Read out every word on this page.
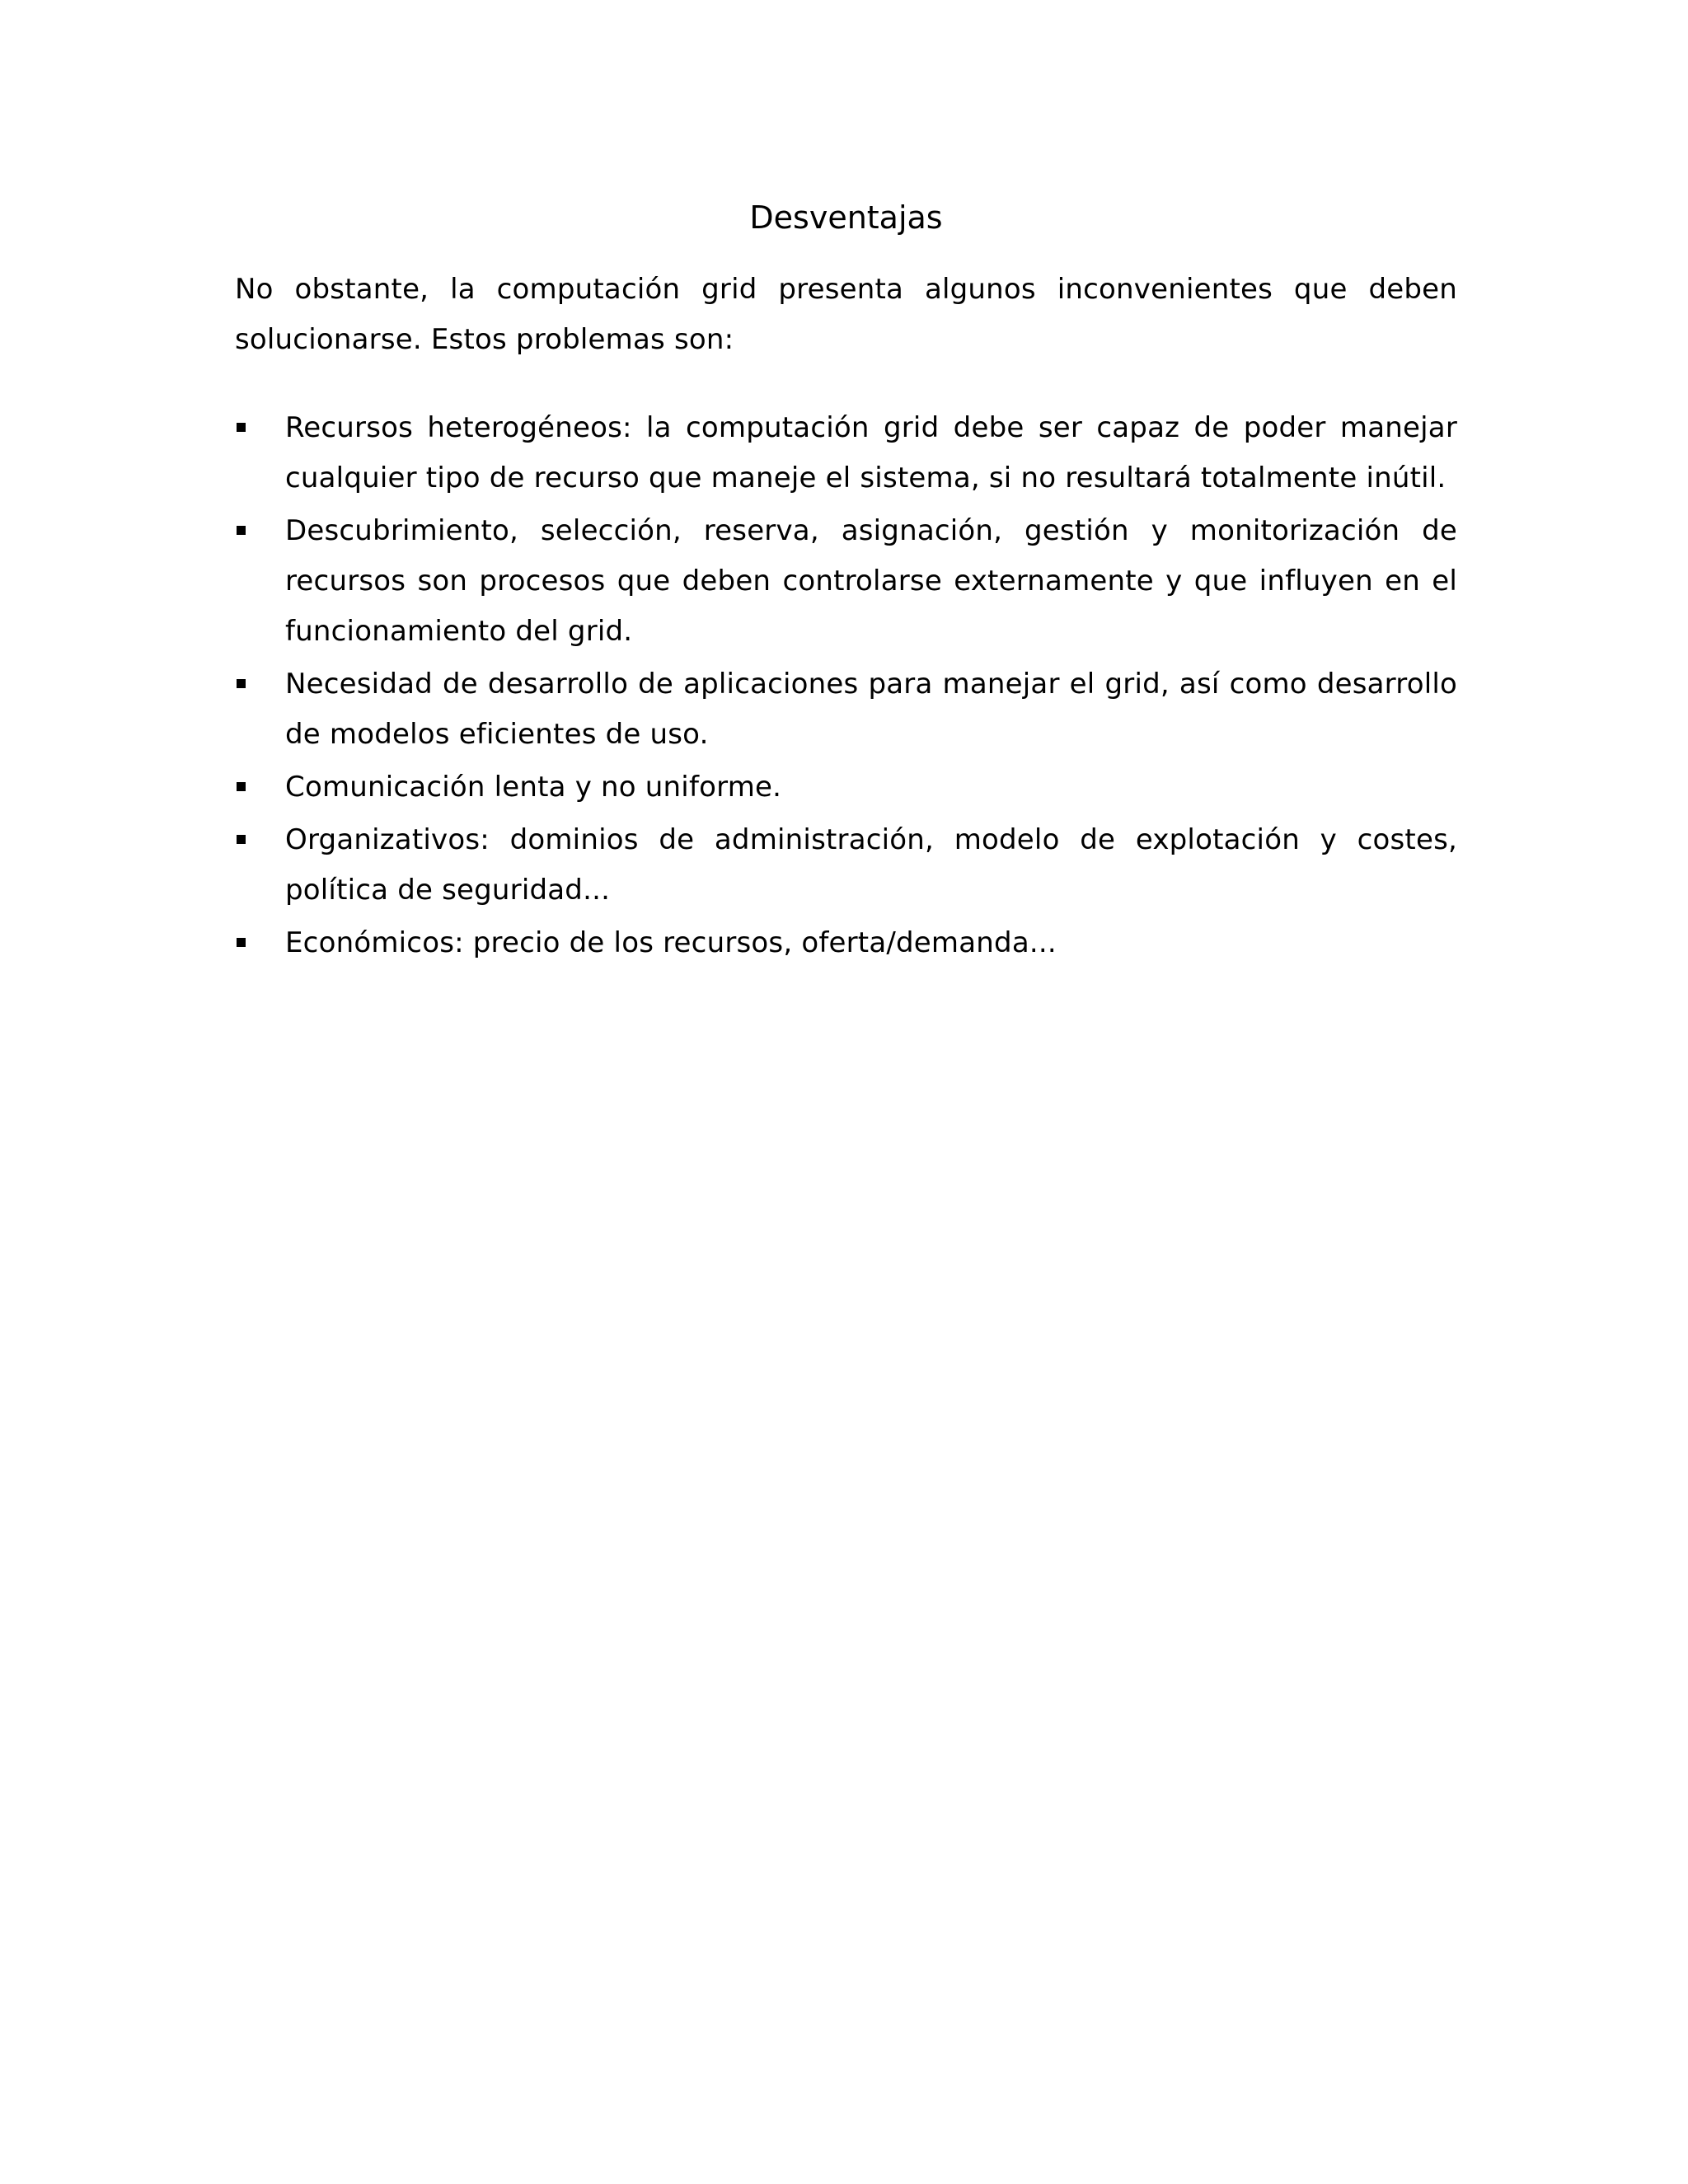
Desventajas

No obstante, la computación grid presenta algunos inconvenientes que deben solucionarse. Estos problemas son:

Recursos heterogéneos: la computación grid debe ser capaz de poder manejar cualquier tipo de recurso que maneje el sistema, si no resultará totalmente inútil.
Descubrimiento, selección, reserva, asignación, gestión y monitorización de recursos son procesos que deben controlarse externamente y que influyen en el funcionamiento del grid.
Necesidad de desarrollo de aplicaciones para manejar el grid, así como desarrollo de modelos eficientes de uso.
Comunicación lenta y no uniforme.
Organizativos: dominios de administración, modelo de explotación y costes, política de seguridad...
Económicos: precio de los recursos, oferta/demanda...
